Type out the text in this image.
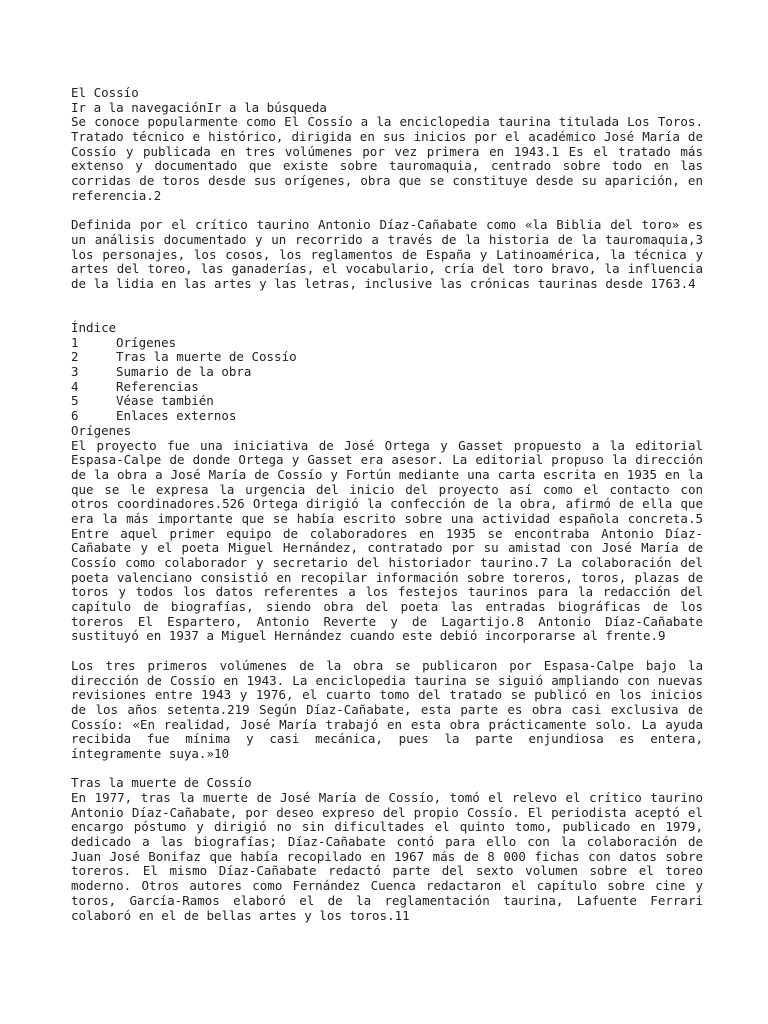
El Cossío
Ir a la navegaciónIr a la búsqueda
Se conoce popularmente como El Cossío a la enciclopedia taurina titulada Los Toros.
Tratado técnico e histórico, dirigida en sus inicios por el académico José María de
Cossío y publicada en tres volúmenes por vez primera en 1943.1 Es el tratado más
extenso y documentado que existe sobre tauromaquia, centrado sobre todo en las
corridas de toros desde sus orígenes, obra que se constituye desde su aparición, en
referencia.2
Definida por el crítico taurino Antonio Díaz-Cañabate como «la Biblia del toro» es
un análisis documentado y un recorrido a través de la historia de la tauromaquia,3
los personajes, los cosos, los reglamentos de España y Latinoamérica, la técnica y
artes del toreo, las ganaderías, el vocabulario, cría del toro bravo, la influencia
de la lidia en las artes y las letras, inclusive las crónicas taurinas desde 1763.4
Índice
1	Orígenes
2	Tras la muerte de Cossío
3	Sumario de la obra
4	Referencias
5	Véase también
6	Enlaces externos
Orígenes
El proyecto fue una iniciativa de José Ortega y Gasset propuesto a la editorial
Espasa-Calpe de donde Ortega y Gasset era asesor. La editorial propuso la dirección
de la obra a José María de Cossío y Fortún mediante una carta escrita en 1935 en la
que se le expresa la urgencia del inicio del proyecto así como el contacto con
otros coordinadores.526 Ortega dirigió la confección de la obra, afirmó de ella que
era la más importante que se había escrito sobre una actividad española concreta.5
Entre aquel primer equipo de colaboradores en 1935 se encontraba Antonio Díaz-
Cañabate y el poeta Miguel Hernández, contratado por su amistad con José María de
Cossío como colaborador y secretario del historiador taurino.7 La colaboración del
poeta valenciano consistió en recopilar información sobre toreros, toros, plazas de
toros y todos los datos referentes a los festejos taurinos para la redacción del
capítulo de biografías, siendo obra del poeta las entradas biográficas de los
toreros El Espartero, Antonio Reverte y de Lagartijo.8 Antonio Díaz-Cañabate
sustituyó en 1937 a Miguel Hernández cuando este debió incorporarse al frente.9
Los tres primeros volúmenes de la obra se publicaron por Espasa-Calpe bajo la
dirección de Cossío en 1943. La enciclopedia taurina se siguió ampliando con nuevas
revisiones entre 1943 y 1976, el cuarto tomo del tratado se publicó en los inicios
de los años setenta.219 Según Díaz-Cañabate, esta parte es obra casi exclusiva de
Cossío: «En realidad, José María trabajó en esta obra prácticamente solo. La ayuda
recibida fue mínima y casi mecánica, pues la parte enjundiosa es entera,
íntegramente suya.»10
Tras la muerte de Cossío
En 1977, tras la muerte de José María de Cossío, tomó el relevo el crítico taurino
Antonio Díaz-Cañabate, por deseo expreso del propio Cossío. El periodista aceptó el
encargo póstumo y dirigió no sin dificultades el quinto tomo, publicado en 1979,
dedicado a las biografías; Díaz-Cañabate contó para ello con la colaboración de
Juan José Bonifaz que había recopilado en 1967 más de 8 000 fichas con datos sobre
toreros. El mismo Díaz-Cañabate redactó parte del sexto volumen sobre el toreo
moderno. Otros autores como Fernández Cuenca redactaron el capítulo sobre cine y
toros, García-Ramos elaboró el de la reglamentación taurina, Lafuente Ferrari
colaboró en el de bellas artes y los toros.11
